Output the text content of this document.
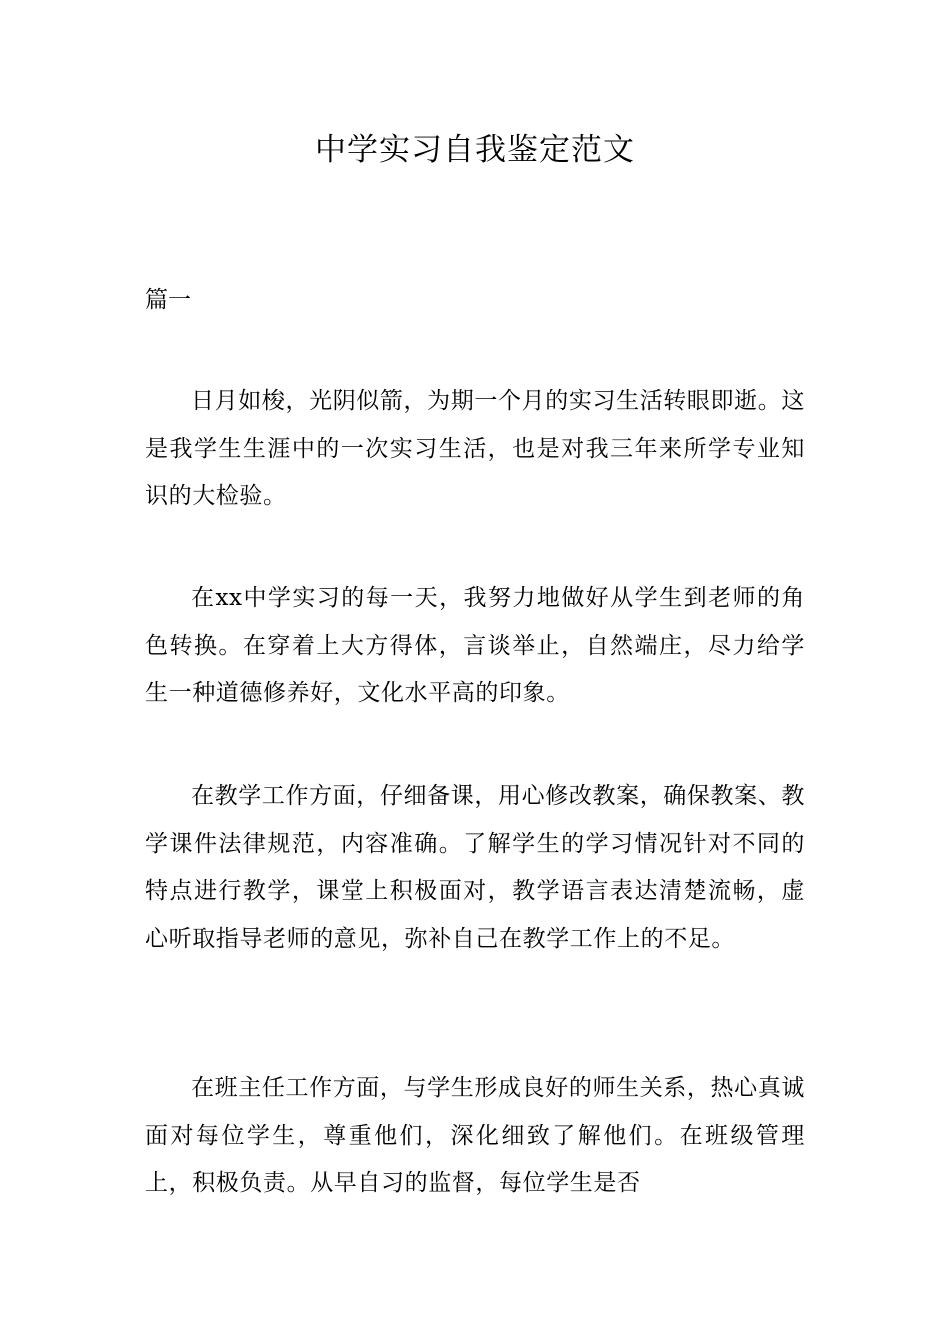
中学实习自我鉴定范文

篇一

日月如梭，光阴似箭，为期一个月的实习生活转眼即逝。这是我学生生涯中的一次实习生活，也是对我三年来所学专业知识的大检验。

在xx中学实习的每一天，我努力地做好从学生到老师的角色转换。在穿着上大方得体，言谈举止，自然端庄，尽力给学生一种道德修养好，文化水平高的印象。

在教学工作方面，仔细备课，用心修改教案，确保教案、教学课件法律规范，内容准确。了解学生的学习情况针对不同的特点进行教学，课堂上积极面对，教学语言表达清楚流畅，虚心听取指导老师的意见，弥补自己在教学工作上的不足。

在班主任工作方面，与学生形成良好的师生关系，热心真诚面对每位学生，尊重他们，深化细致了解他们。在班级管理上，积极负责。从早自习的监督，每位学生是否
